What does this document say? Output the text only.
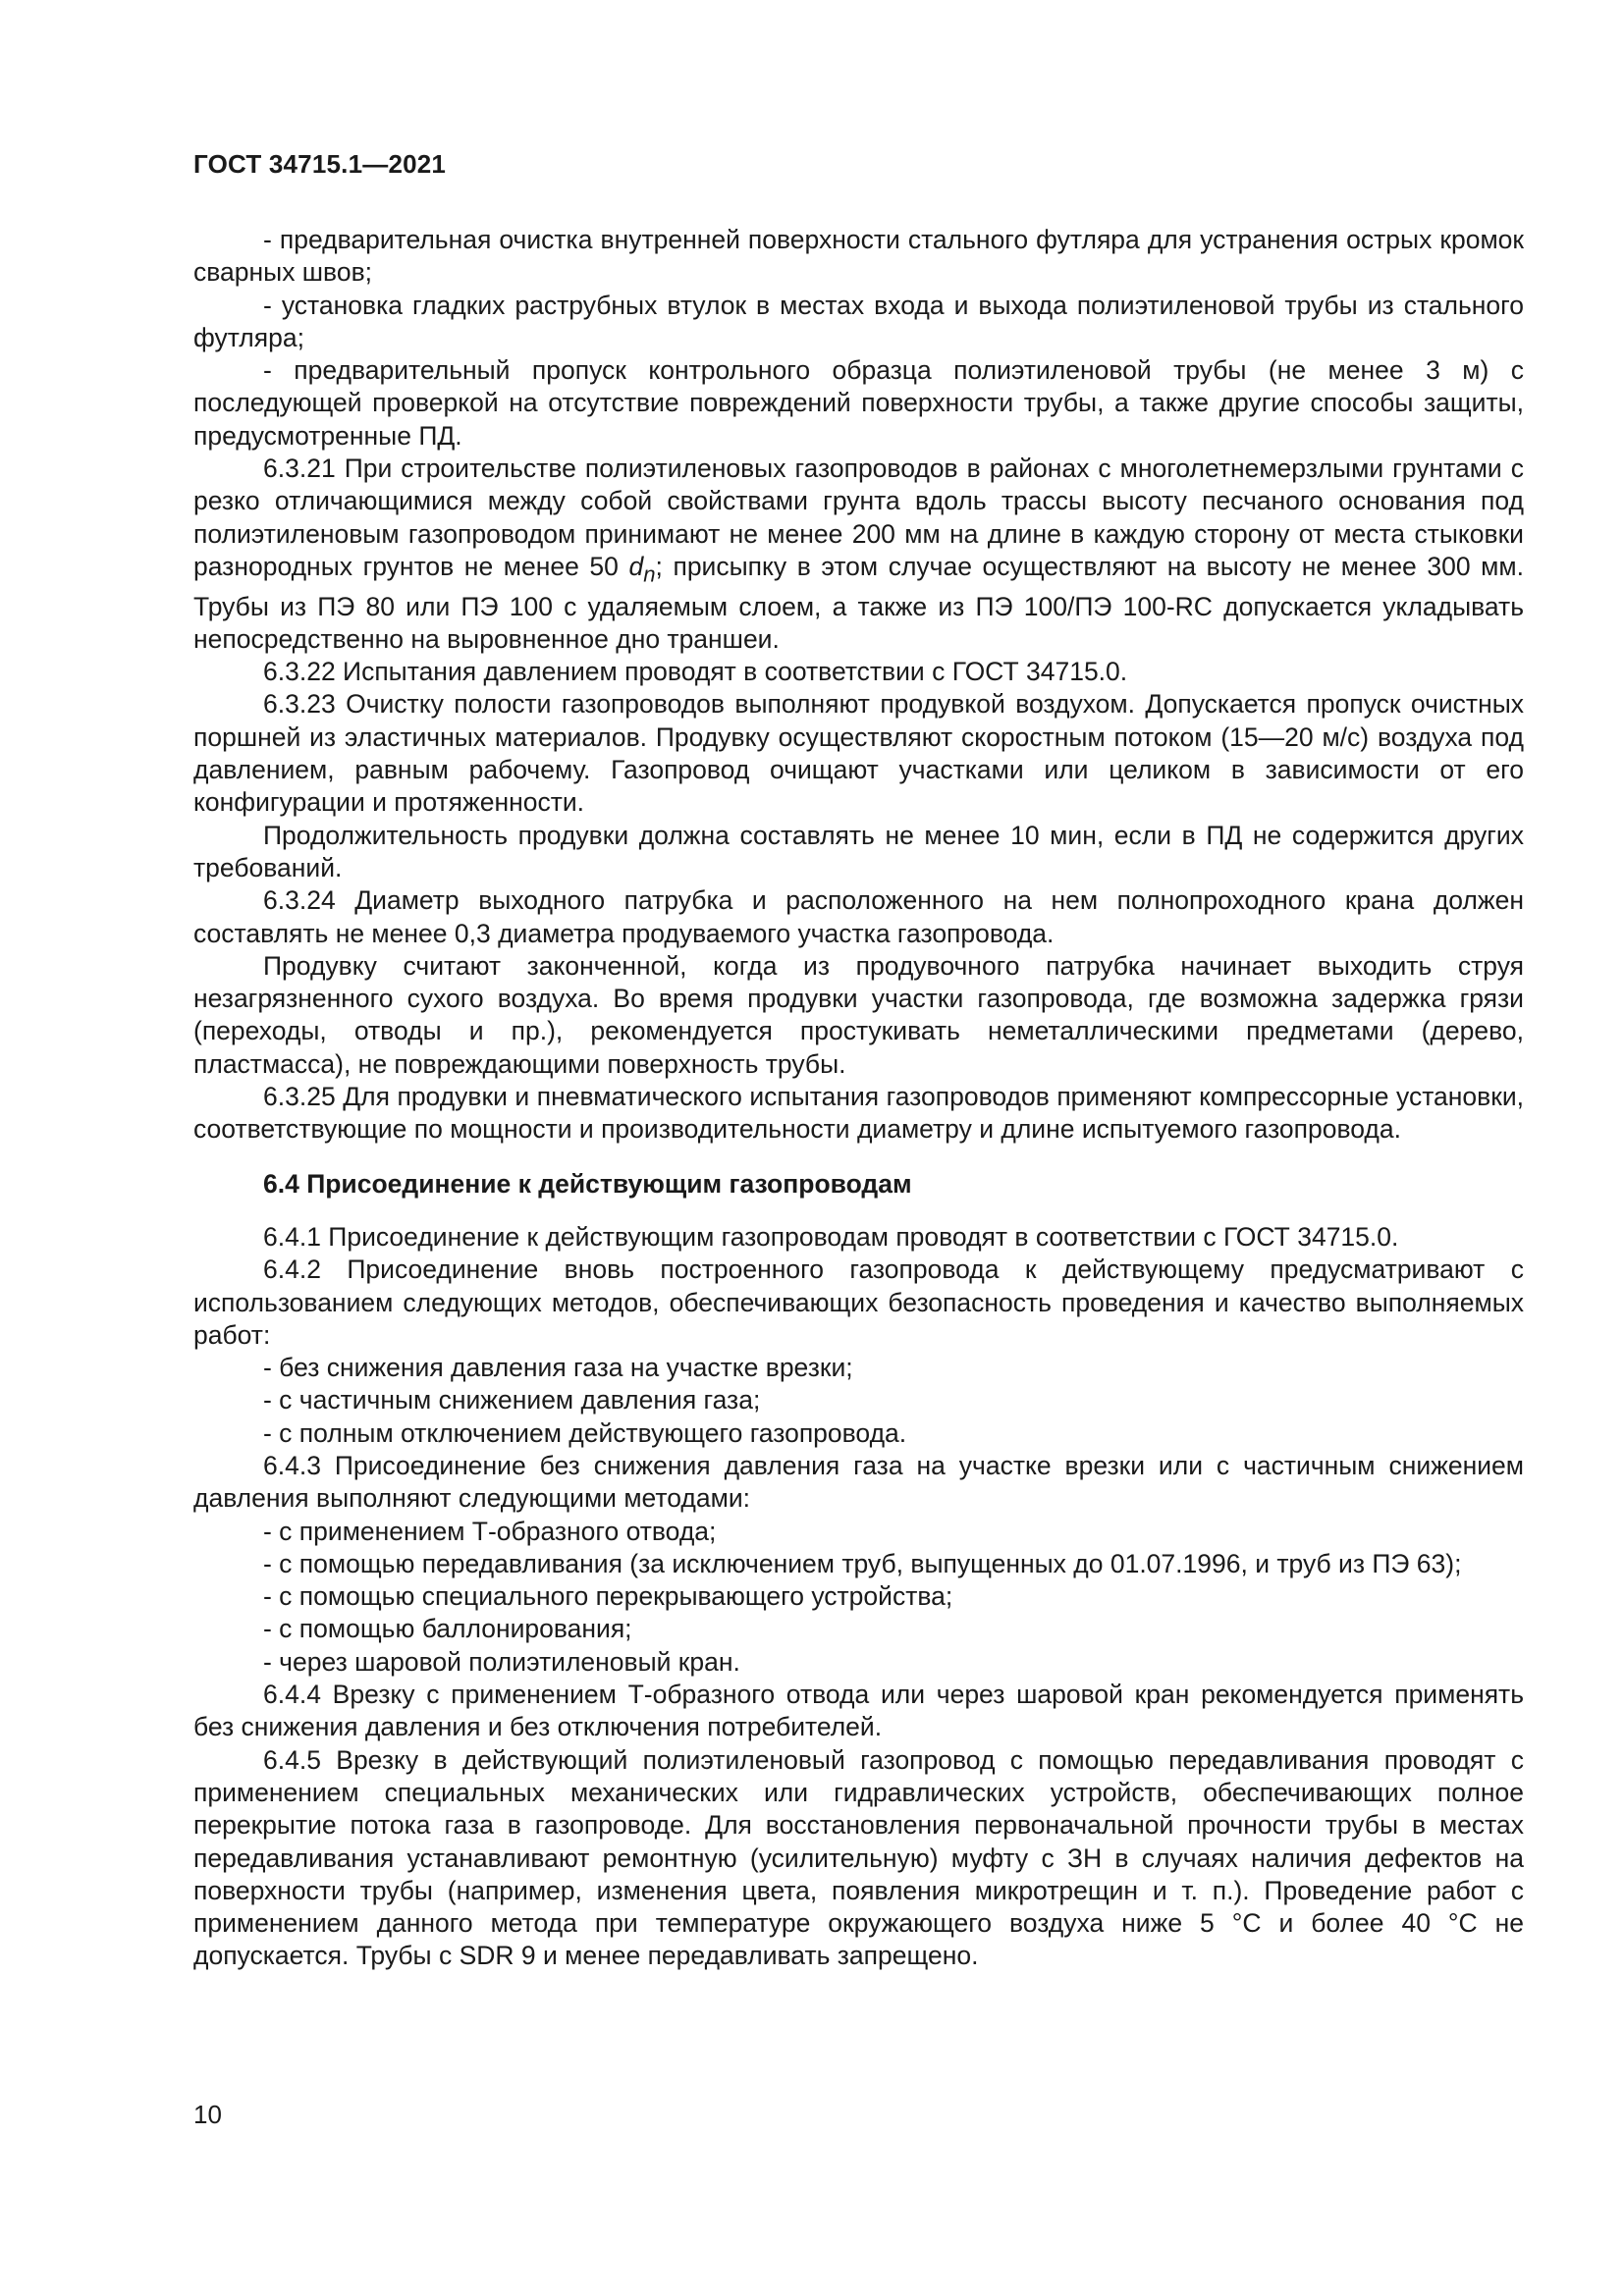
ГОСТ 34715.1—2021

- предварительная очистка внутренней поверхности стального футляра для устранения острых кромок сварных швов;

- установка гладких раструбных втулок в местах входа и выхода полиэтиленовой трубы из стального футляра;

- предварительный пропуск контрольного образца полиэтиленовой трубы (не менее 3 м) с последующей проверкой на отсутствие повреждений поверхности трубы, а также другие способы защиты, предусмотренные ПД.

6.3.21 При строительстве полиэтиленовых газопроводов в районах с многолетнемерзлыми грунтами с резко отличающимися между собой свойствами грунта вдоль трассы высоту песчаного основания под полиэтиленовым газопроводом принимают не менее 200 мм на длине в каждую сторону от места стыковки разнородных грунтов не менее 50 $d_n$; присыпку в этом случае осуществляют на высоту не менее 300 мм. Трубы из ПЭ 80 или ПЭ 100 с удаляемым слоем, а также из ПЭ 100/ПЭ 100-RC допускается укладывать непосредственно на выровненное дно траншеи.

6.3.22 Испытания давлением проводят в соответствии с ГОСТ 34715.0.

6.3.23 Очистку полости газопроводов выполняют продувкой воздухом. Допускается пропуск очистных поршней из эластичных материалов. Продувку осуществляют скоростным потоком (15—20 м/с) воздуха под давлением, равным рабочему. Газопровод очищают участками или целиком в зависимости от его конфигурации и протяженности.

Продолжительность продувки должна составлять не менее 10 мин, если в ПД не содержится других требований.

6.3.24 Диаметр выходного патрубка и расположенного на нем полнопроходного крана должен составлять не менее 0,3 диаметра продуваемого участка газопровода.

Продувку считают законченной, когда из продувочного патрубка начинает выходить струя незагрязненного сухого воздуха. Во время продувки участки газопровода, где возможна задержка грязи (переходы, отводы и пр.), рекомендуется простукивать неметаллическими предметами (дерево, пластмасса), не повреждающими поверхность трубы.

6.3.25 Для продувки и пневматического испытания газопроводов применяют компрессорные установки, соответствующие по мощности и производительности диаметру и длине испытуемого газопровода.

6.4 Присоединение к действующим газопроводам

6.4.1 Присоединение к действующим газопроводам проводят в соответствии с ГОСТ 34715.0.

6.4.2 Присоединение вновь построенного газопровода к действующему предусматривают с использованием следующих методов, обеспечивающих безопасность проведения и качество выполняемых работ:

- без снижения давления газа на участке врезки;

- с частичным снижением давления газа;

- с полным отключением действующего газопровода.

6.4.3 Присоединение без снижения давления газа на участке врезки или с частичным снижением давления выполняют следующими методами:

- с применением Т-образного отвода;

- с помощью передавливания (за исключением труб, выпущенных до 01.07.1996, и труб из ПЭ 63);

- с помощью специального перекрывающего устройства;

- с помощью баллонирования;

- через шаровой полиэтиленовый кран.

6.4.4 Врезку с применением Т-образного отвода или через шаровой кран рекомендуется применять без снижения давления и без отключения потребителей.

6.4.5 Врезку в действующий полиэтиленовый газопровод с помощью передавливания проводят с применением специальных механических или гидравлических устройств, обеспечивающих полное перекрытие потока газа в газопроводе. Для восстановления первоначальной прочности трубы в местах передавливания устанавливают ремонтную (усилительную) муфту с ЗН в случаях наличия дефектов на поверхности трубы (например, изменения цвета, появления микротрещин и т. п.). Проведение работ с применением данного метода при температуре окружающего воздуха ниже 5 °С и более 40 °С не допускается. Трубы с SDR 9 и менее передавливать запрещено.

10
